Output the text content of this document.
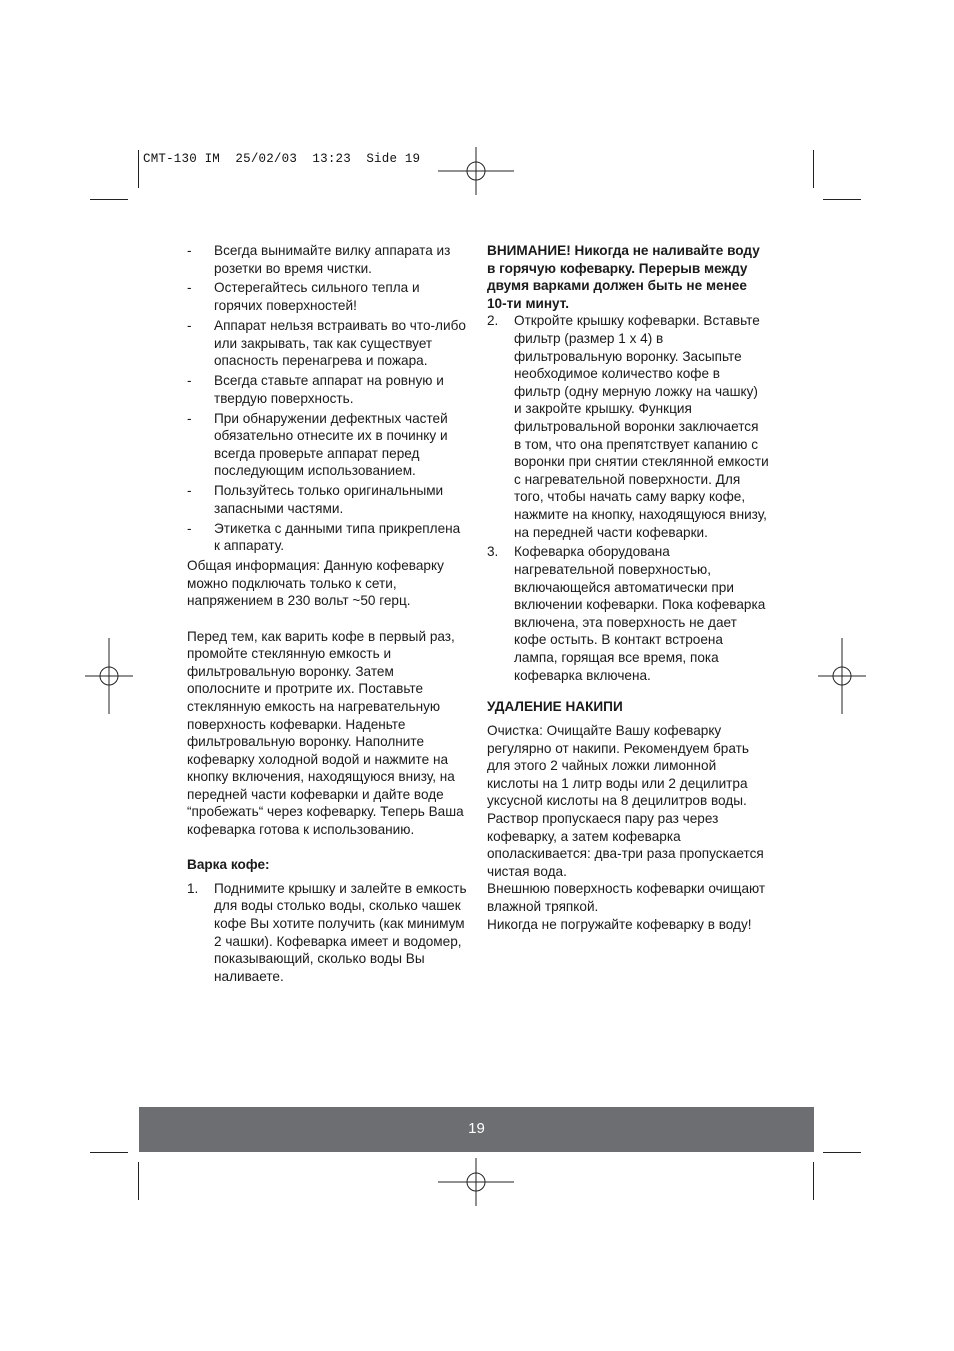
CMT-130 IM  25/02/03  13:23  Side 19
-	Всегда вынимайте вилку аппарата из розетки во время чистки.
-	Остерегайтесь сильного тепла и горячих поверхностей!
-	Аппарат нельзя встраивать во что-либо или закрывать, так как существует опасность перенагрева и пожара.
-	Всегда ставьте аппарат на ровную и твердую поверхность.
-	При обнаружении дефектных частей обязательно отнесите их в починку и всегда проверьте аппарат перед последующим использованием.
-	Пользуйтесь только оригинальными запасными частями.
-	Этикетка с данными типа прикреплена к аппарату.

Общая информация: Данную кофеварку можно подключать только к сети, напряжением в 230 вольт ~50 герц.

Перед тем, как варить кофе в первый раз, промойте стеклянную емкость и фильтровальную воронку. Затем ополосните и протрите их. Поставьте стеклянную емкость на нагревательную поверхность кофеварки. Наденьте фильтровальную воронку. Наполните кофеварку холодной водой и нажмите на кнопку включения, находящуюся внизу, на передней части кофеварки и дайте воде “пробежать“ через кофеварку. Теперь Ваша кофеварка готова к использованию.

Варка кофе:

1.	Поднимите крышку и залейте в емкость для воды столько воды, сколько чашек кофе Вы хотите получить (как минимум 2 чашки). Кофеварка имеет и водомер, показывающий, сколько воды Вы наливаете.

ВНИМАНИЕ! Никогда не наливайте воду в горячую кофеварку. Перерыв между двумя варками должен быть не менее 10-ти минут.

2.	Откройте крышку кофеварки. Вставьте фильтр (размер 1 х 4) в фильтровальную воронку. Засыпьте необходимое количество кофе в фильтр (одну мерную ложку на чашку) и закройте крышку. Функция фильтровальной воронки заключается в том, что она препятствует капанию с воронки при снятии стеклянной емкости с нагревательной поверхности. Для того, чтобы начать саму варку кофе, нажмите на кнопку, находящуюся внизу, на передней части кофеварки.
3.	Кофеварка оборудована нагревательной поверхностью, включающейся автоматически при включении кофеварки. Пока кофеварка включена, эта поверхность не дает кофе остыть. В контакт встроена лампа, горящая все время, пока кофеварка включена.

УДАЛЕНИЕ НАКИПИ

Очистка: Очищайте Вашу кофеварку регулярно от накипи. Рекомендуем брать для этого 2 чайных ложки лимонной кислоты на 1 литр воды или 2 децилитра уксусной кислоты на 8 децилитров воды. Раствор пропускаеся пару раз через кофеварку, а затем кофеварка ополаскивается: два-три раза пропускается чистая вода.

Внешнюю поверхность кофеварки очищают влажной тряпкой.

Никогда не погружайте кофеварку в воду!

19
